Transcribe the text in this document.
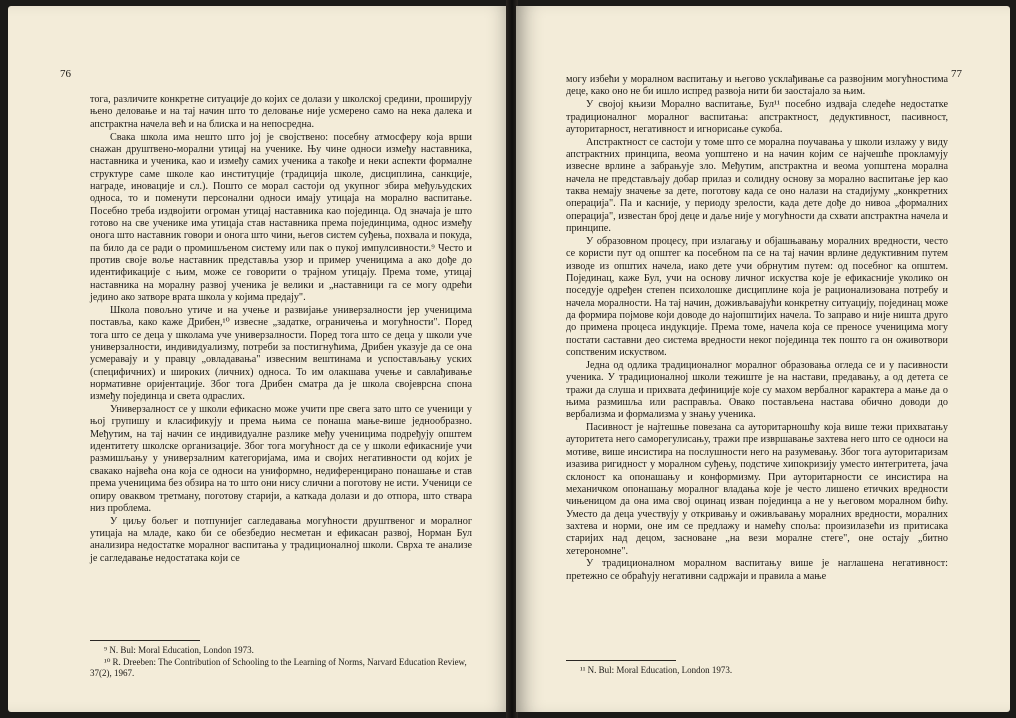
76

тога, различите конкретне ситуације до којих се долази у школској средини, проширују њено деловање и на тај начин што то деловање није усмерено само на нека далека и апстрактна начела већ и на блиска и на непосредна.

Свака школа има нешто што јој је својствено: посебну атмосферу која врши снажан друштвено-морални утицај на ученике. Њу чине односи између наставника, наставника и ученика, као и између самих ученика а такође и неки аспекти формалне структуре саме школе као институције (традиција школе, дисциплина, санкције, награде, иновације и сл.). Пошто се морал састоји од укупног збира међуљудских односа, то и поменути персонални односи имају утицаја на морално васпитање. Посебно треба издвојити огроман утицај наставника као појединца. Од значаја је што готово на све ученике има утицаја став наставника према појединцима, однос између онога што наставник говори и онога што чини, његов систем суђења, похвала и покуда, па било да се ради о промишљеном систему или пак о пукој импулсивности.⁹ Често и против своје воље наставник представља узор и пример ученицима а ако дође до идентификације с њим, може се говорити о трајном утицају. Према томе, утицај наставника на моралну развој ученика је велики и „наставници га се могу одрећи једино ако затворе врата школа у којима предају".

Школа повољно утиче и на учење и развијање универзалности јер ученицима поставља, како каже Дрибен,¹⁰ извесне „задатке, ограничења и могућности". Поред тога што се деца у школама уче универзалности. Поред тога што се деца у школи уче универзалности, индивидуализму, потреби за постигнућима, Дрибен указује да се она усмеравају и у правцу „овладавања" извесним вештинама и успостављању уских (специфичних) и широких (личних) односа. То им олакшава учење и савлађивање нормативне оријентације. Због тога Дрибен сматра да је школа својеврсна спона између појединца и света одраслих.

Универзалност се у школи ефикасно може учити пре свега зато што се ученици у њој групишу и класификују и према њима се понаша мање-више једнообразно. Међутим, на тај начин се индивидуалне разлике међу ученицима подређују општем идентитету школске организације. Због тога могућност да се у школи ефикасније учи размишљању у универзалним категоријама, има и својих негативности од којих је свакако највећа она која се односи на униформно, недиференцирано понашање и став према ученицима без обзира на то што они нису слични а поготову не исти. Ученици се опиру оваквом третману, поготову старији, а каткада долази и до отпора, што ствара низ проблема.

У циљу бољег и потпунијег сагледавања могућности друштвеног и моралног утицаја на младе, како би се обезбедио несметан и ефикасан развој, Норман Бул анализира недостатке моралног васпитања у традиционалној школи. Сврха те анализе је сагледавање недостатака који се

⁹ N. Bul: Moral Education, London 1973.

¹⁰ R. Dreeben: The Contribution of Schooling to the Learning of Norms, Narvard Education Review, 37(2), 1967.

77

могу избећи у моралном васпитању и његово усклађивање са развојним могућностима деце, како оно не би ишло испред развоја нити би заостајало за њим.

У својој књизи Морално васпитање, Бул¹¹ посебно издваја следеће недостатке традиционалног моралног васпитања: апстрактност, дедуктивност, пасивност, ауторитарност, негативност и игнорисање сукоба.

Апстрактност се састоји у томе што се морална поучавања у школи излажу у виду апстрактних принципа, веома уопштено и на начин којим се најчешће прокламују извесне врлине а забрањује зло. Међутим, апстрактна и веома уопштена морална начела не представљају добар прилаз и солидну основу за морално васпитање јер као таква немају значење за дете, поготову када се оно налази на стадијуму „конкретних операција". Па и касније, у периоду зрелости, када дете дође до нивоа „формалних операција", известан број деце и даље није у могућности да схвати апстрактна начела и принципе.

У образовном процесу, при излагању и објашњавању моралних вредности, често се користи пут од општег ка посебном па се на тај начин врлине дедуктивним путем изводе из општих начела, иако дете учи обрнутим путем: од посебног ка општем. Појединац, каже Бул, учи на основу личног искуства које је ефикасније уколико он поседује одређен степен психолошке дисциплине која је рационализована потребу и начела моралности. На тај начин, доживљавајући конкретну ситуацију, појединац може да формира појмове који доводе до најопштијих начела. То заправо и није ништа друго до примена процеса индукције. Према томе, начела која се преносе ученицима могу постати саставни део система вредности некоr појединца тек пошто га он оживотвори сопственим искуством.

Једна од одлика традиционалног моралног образовања огледа се и у пасивности ученика. У традиционалној школи тежиште је на настави, предавању, а од детета се тражи да слуша и прихвата дефиниције које су махом вербалног карактера а мање да о њима размишља или расправља. Овако постављена настава обично доводи до вербализма и формализма у знању ученика.

Пасивност је најтешње повезана са ауторитарношћу која више тежи прихватању ауторитета него саморегулисању, тражи пре извршавање захтева него што се односи на мотиве, више инсистира на послушности него на разумевању. Због тога ауторитаризам изазива ригидност у моралном суђењу, подстиче хипокризију уместо интегритета, јача склоност ка опонашању и конформизму. При ауторитарности се инсистира на механичком опонашању моралног владања које је често лишено етичких вредности чињеницом да она има свој оцинац изван појединца а не у његовом моралном бићу. Уместо да деца учествују у откривању и оживљавању моралних вредности, моралних захтева и норми, оне им се предлажу и намећу споља: произилазећи из притисака старијих над децом, засноване „на вези моралне стеге", оне остају „битно хетерономне".

У традиционалном моралном васпитању више је наглашена негативност: претежно се обраћују негативни садржаји и правила а мање

¹¹ N. Bul: Moral Education, London 1973.
